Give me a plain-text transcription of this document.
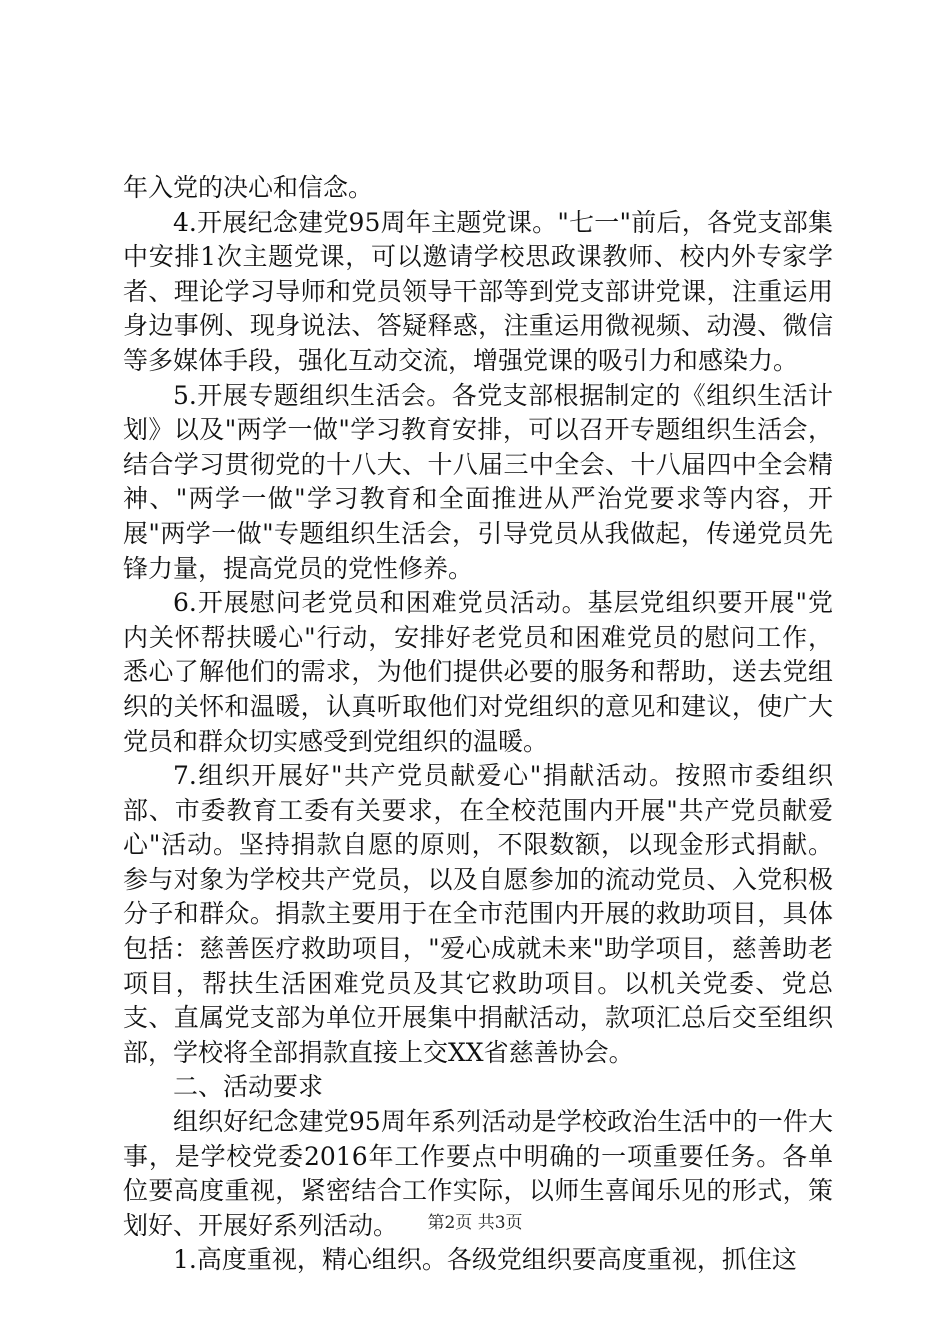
年入党的决心和信念。

4.开展纪念建党95周年主题党课。"七一"前后，各党支部集中安排1次主题党课，可以邀请学校思政课教师、校内外专家学者、理论学习导师和党员领导干部等到党支部讲党课，注重运用身边事例、现身说法、答疑释惑，注重运用微视频、动漫、微信等多媒体手段，强化互动交流，增强党课的吸引力和感染力。

5.开展专题组织生活会。各党支部根据制定的《组织生活计划》以及"两学一做"学习教育安排，可以召开专题组织生活会，结合学习贯彻党的十八大、十八届三中全会、十八届四中全会精神、"两学一做"学习教育和全面推进从严治党要求等内容，开展"两学一做"专题组织生活会，引导党员从我做起，传递党员先锋力量，提高党员的党性修养。

6.开展慰问老党员和困难党员活动。基层党组织要开展"党内关怀帮扶暖心"行动，安排好老党员和困难党员的慰问工作，悉心了解他们的需求，为他们提供必要的服务和帮助，送去党组织的关怀和温暖，认真听取他们对党组织的意见和建议，使广大党员和群众切实感受到党组织的温暖。

7.组织开展好"共产党员献爱心"捐献活动。按照市委组织部、市委教育工委有关要求，在全校范围内开展"共产党员献爱心"活动。坚持捐款自愿的原则，不限数额，以现金形式捐献。参与对象为学校共产党员，以及自愿参加的流动党员、入党积极分子和群众。捐款主要用于在全市范围内开展的救助项目，具体包括：慈善医疗救助项目，"爱心成就未来"助学项目，慈善助老项目，帮扶生活困难党员及其它救助项目。以机关党委、党总支、直属党支部为单位开展集中捐献活动，款项汇总后交至组织部，学校将全部捐款直接上交XX省慈善协会。

二、活动要求

组织好纪念建党95周年系列活动是学校政治生活中的一件大事，是学校党委2016年工作要点中明确的一项重要任务。各单位要高度重视，紧密结合工作实际，以师生喜闻乐见的形式，策划好、开展好系列活动。

1.高度重视，精心组织。各级党组织要高度重视，抓住这

第2页 共3页
